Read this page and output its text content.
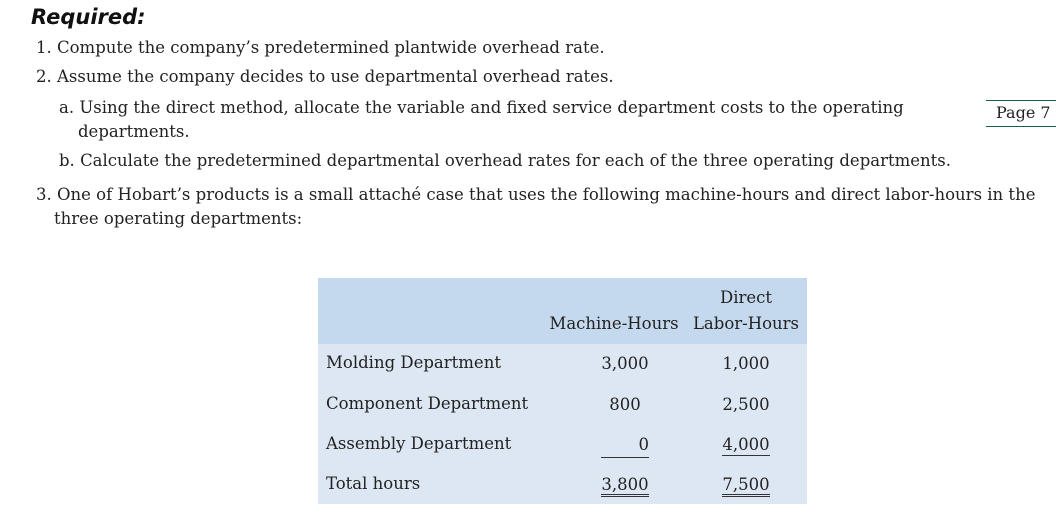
Required:
1. Compute the company’s predetermined plantwide overhead rate.
2. Assume the company decides to use departmental overhead rates.
a. Using the direct method, allocate the variable and fixed service department costs to the operating
departments.
Page 7
b. Calculate the predetermined departmental overhead rates for each of the three operating departments.
3. One of Hobart’s products is a small attaché case that uses the following machine-hours and direct labor-hours in the
three operating departments:
Direct
Machine-Hours Labor-Hours
Molding Department	3,000	1,000
Component Department	800	2,500
Assembly Department	0	4,000
Total hours	3,800	7,500
